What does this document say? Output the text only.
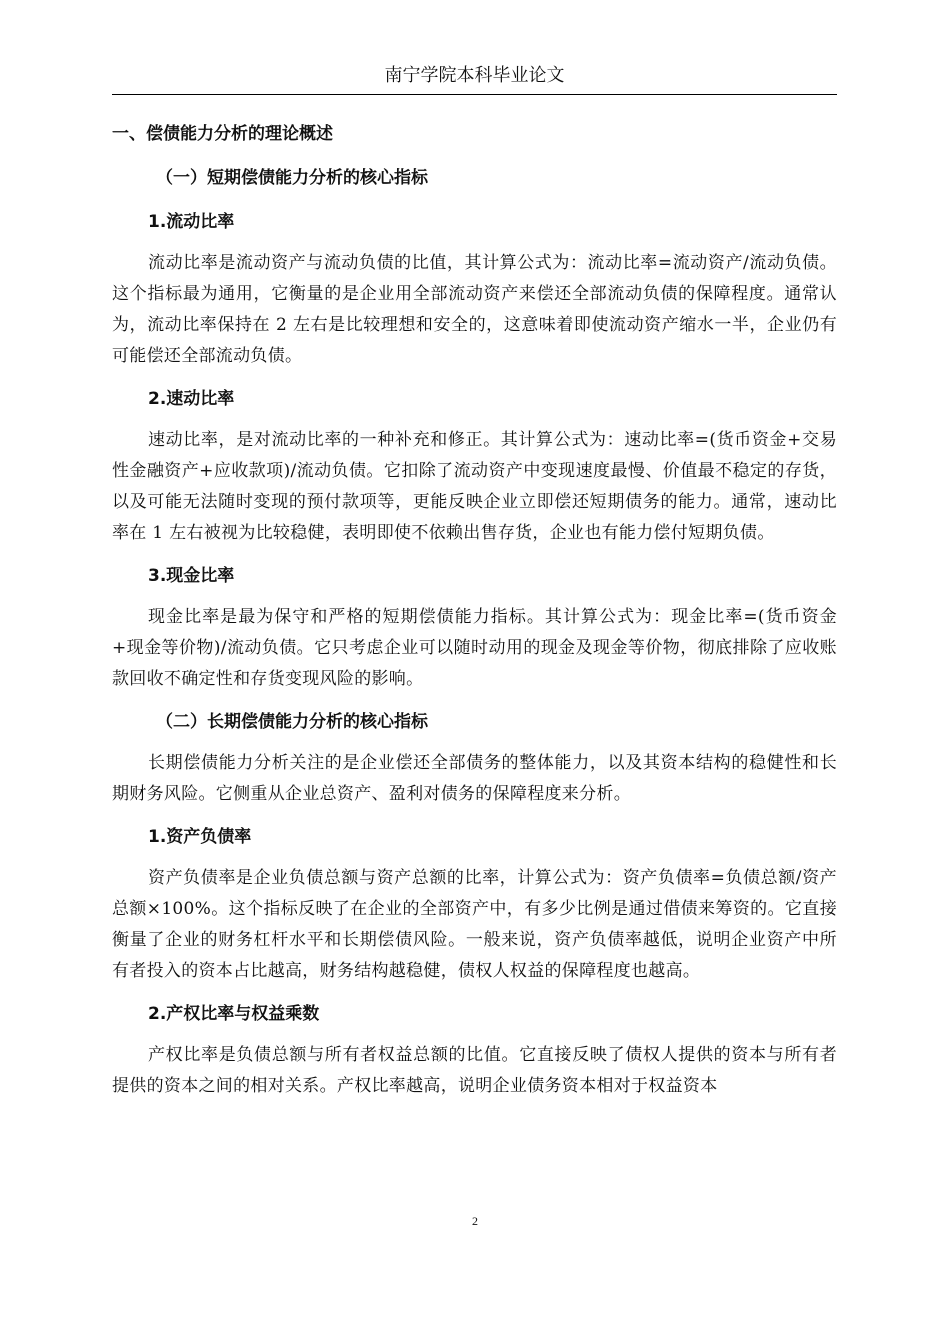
南宁学院本科毕业论文
一、偿债能力分析的理论概述
（一）短期偿债能力分析的核心指标
1.流动比率

流动比率是流动资产与流动负债的比值，其计算公式为：流动比率=流动资产/流动负债。这个指标最为通用，它衡量的是企业用全部流动资产来偿还全部流动负债的保障程度。通常认为，流动比率保持在 2 左右是比较理想和安全的，这意味着即使流动资产缩水一半，企业仍有可能偿还全部流动负债。

2.速动比率

速动比率，是对流动比率的一种补充和修正。其计算公式为：速动比率=(货币资金+交易性金融资产+应收款项)/流动负债。它扣除了流动资产中变现速度最慢、价值最不稳定的存货，以及可能无法随时变现的预付款项等，更能反映企业立即偿还短期债务的能力。通常，速动比率在 1 左右被视为比较稳健，表明即使不依赖出售存货，企业也有能力偿付短期负债。

3.现金比率

现金比率是最为保守和严格的短期偿债能力指标。其计算公式为：现金比率=(货币资金+现金等价物)/流动负债。它只考虑企业可以随时动用的现金及现金等价物，彻底排除了应收账款回收不确定性和存货变现风险的影响。

（二）长期偿债能力分析的核心指标

长期偿债能力分析关注的是企业偿还全部债务的整体能力，以及其资本结构的稳健性和长期财务风险。它侧重从企业总资产、盈利对债务的保障程度来分析。

1.资产负债率

资产负债率是企业负债总额与资产总额的比率，计算公式为：资产负债率=负债总额/资产总额×100%。这个指标反映了在企业的全部资产中，有多少比例是通过借债来筹资的。它直接衡量了企业的财务杠杆水平和长期偿债风险。一般来说，资产负债率越低，说明企业资产中所有者投入的资本占比越高，财务结构越稳健，债权人权益的保障程度也越高。

2.产权比率与权益乘数

产权比率是负债总额与所有者权益总额的比值。它直接反映了债权人提供的资本与所有者提供的资本之间的相对关系。产权比率越高，说明企业债务资本相对于权益资本

2
